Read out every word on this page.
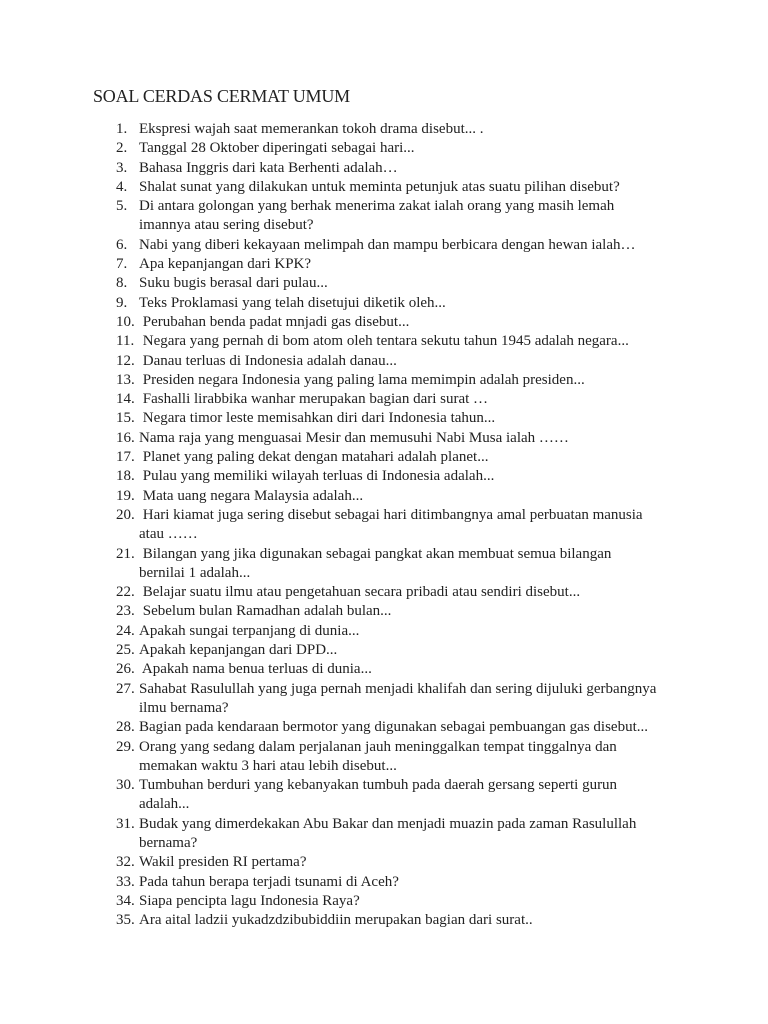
SOAL CERDAS CERMAT UMUM
1. Ekspresi wajah saat memerankan tokoh drama disebut... .
2. Tanggal 28 Oktober diperingati sebagai hari...
3. Bahasa Inggris dari kata Berhenti adalah…
4. Shalat sunat yang dilakukan untuk meminta petunjuk atas suatu pilihan disebut?
5. Di antara golongan yang berhak menerima zakat ialah orang yang masih lemah
imannya atau sering disebut?
6. Nabi yang diberi kekayaan melimpah dan mampu berbicara dengan hewan ialah…
7. Apa kepanjangan dari KPK?
8. Suku bugis berasal dari pulau...
9. Teks Proklamasi yang telah disetujui diketik oleh...
10. Perubahan benda padat mnjadi gas disebut...
11. Negara yang pernah di bom atom oleh tentara sekutu tahun 1945 adalah negara...
12. Danau terluas di Indonesia adalah danau...
13. Presiden negara Indonesia yang paling lama memimpin adalah presiden...
14. Fashalli lirabbika wanhar merupakan bagian dari surat …
15. Negara timor leste memisahkan diri dari Indonesia tahun...
16. Nama raja yang menguasai Mesir dan memusuhi Nabi Musa ialah ……
17. Planet yang paling dekat dengan matahari adalah planet...
18. Pulau yang memiliki wilayah terluas di Indonesia adalah...
19. Mata uang negara Malaysia adalah...
20. Hari kiamat juga sering disebut sebagai hari ditimbangnya amal perbuatan manusia
atau ……
21. Bilangan yang jika digunakan sebagai pangkat akan membuat semua bilangan
bernilai 1 adalah...
22. Belajar suatu ilmu atau pengetahuan secara pribadi atau sendiri disebut...
23. Sebelum bulan Ramadhan adalah bulan...
24. Apakah sungai terpanjang di dunia...
25. Apakah kepanjangan dari DPD...
26. Apakah nama benua terluas di dunia...
27. Sahabat Rasulullah yang juga pernah menjadi khalifah dan sering dijuluki gerbangnya
ilmu bernama?
28. Bagian pada kendaraan bermotor yang digunakan sebagai pembuangan gas disebut...
29. Orang yang sedang dalam perjalanan jauh meninggalkan tempat tinggalnya dan
memakan waktu 3 hari atau lebih disebut...
30. Tumbuhan berduri yang kebanyakan tumbuh pada daerah gersang seperti gurun
adalah...
31. Budak yang dimerdekakan Abu Bakar dan menjadi muazin pada zaman Rasulullah
bernama?
32. Wakil presiden RI pertama?
33. Pada tahun berapa terjadi tsunami di Aceh?
34. Siapa pencipta lagu Indonesia Raya?
35. Ara aital ladzii yukadzdzibubiddiin merupakan bagian dari surat..
